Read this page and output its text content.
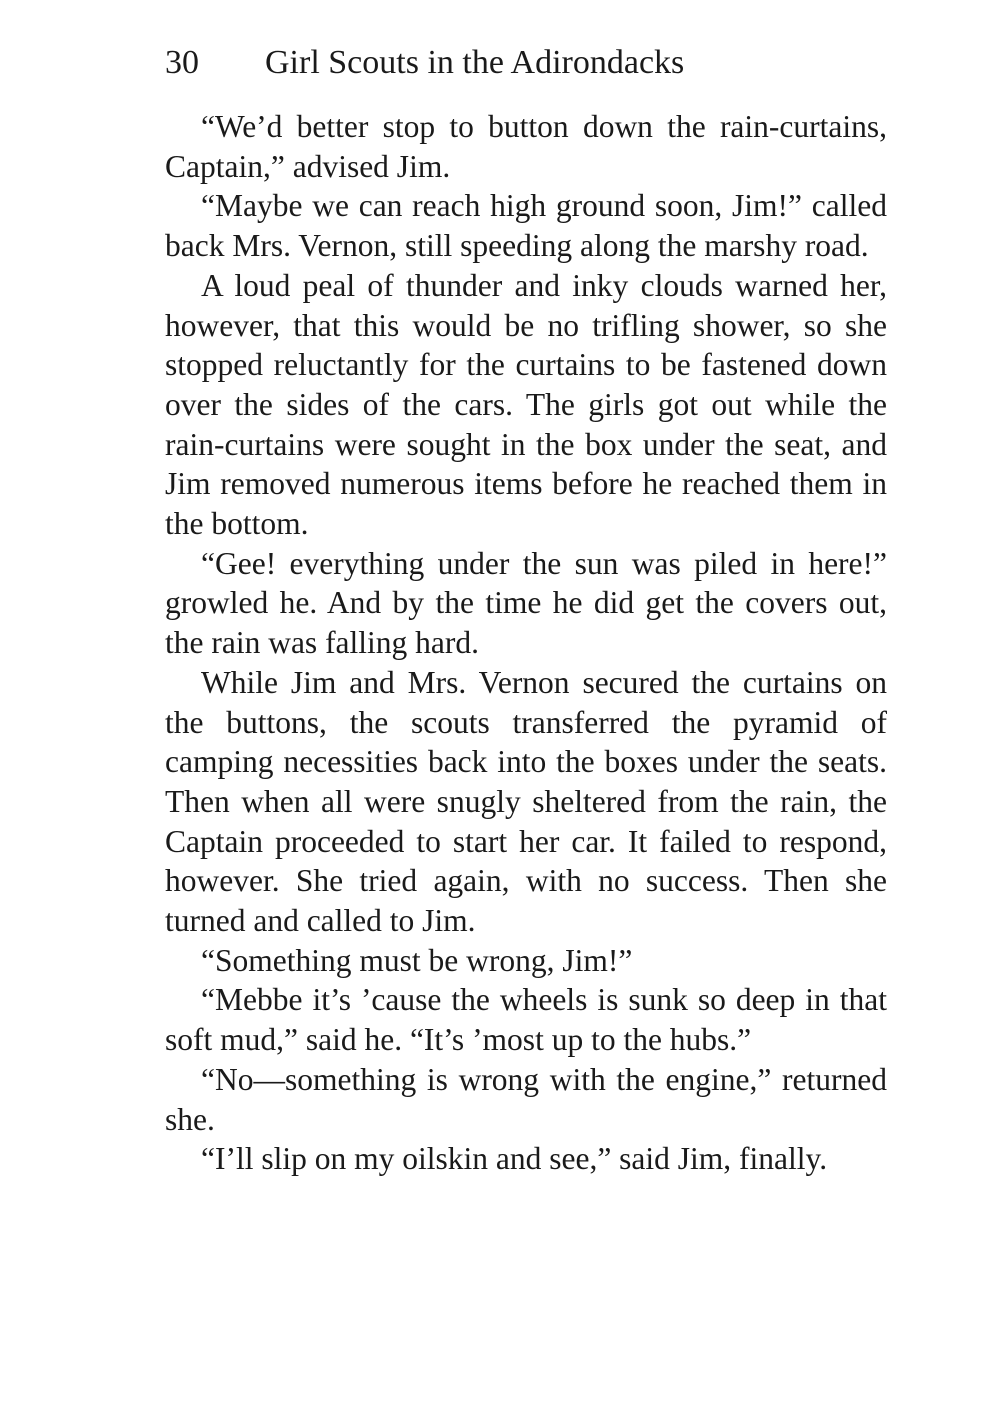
30 Girl Scouts in the Adirondacks

“We’d better stop to button down the rain-curtains, Captain,” advised Jim.

“Maybe we can reach high ground soon, Jim!” called back Mrs. Vernon, still speeding along the marshy road.

A loud peal of thunder and inky clouds warned her, however, that this would be no trifling shower, so she stopped reluctantly for the curtains to be fastened down over the sides of the cars. The girls got out while the rain-curtains were sought in the box under the seat, and Jim removed numerous items before he reached them in the bottom.

“Gee! everything under the sun was piled in here!” growled he. And by the time he did get the covers out, the rain was falling hard.

While Jim and Mrs. Vernon secured the curtains on the buttons, the scouts transferred the pyramid of camping necessities back into the boxes under the seats. Then when all were snugly sheltered from the rain, the Captain proceeded to start her car. It failed to respond, however. She tried again, with no success. Then she turned and called to Jim.

“Something must be wrong, Jim!”

“Mebbe it’s ’cause the wheels is sunk so deep in that soft mud,” said he. “It’s ’most up to the hubs.”

“No—something is wrong with the engine,” returned she.

“I’ll slip on my oilskin and see,” said Jim, finally.
